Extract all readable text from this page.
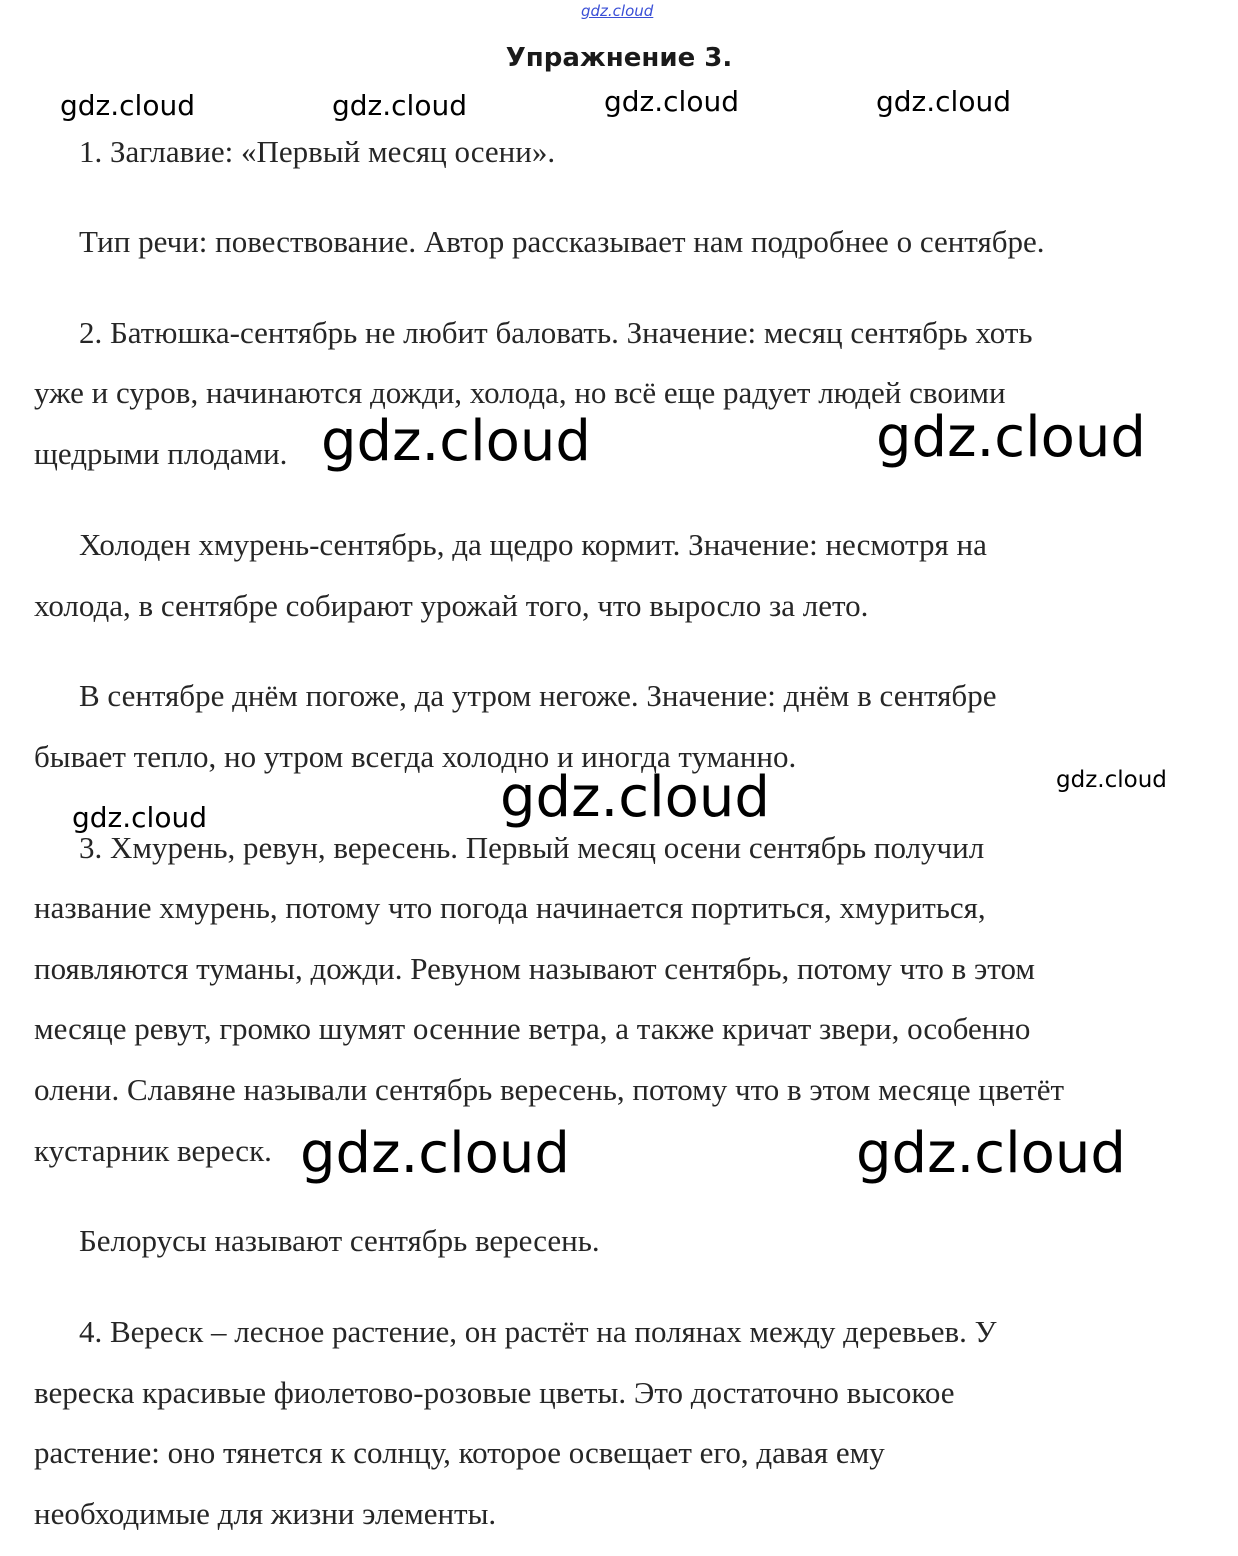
gdz.cloud
Упражнение 3.
gdz.cloud	gdz.cloud	gdz.cloud	gdz.cloud
1. Заглавие: «Первый месяц осени».
Тип речи: повествование. Автор рассказывает нам подробнее о сентябре.
2. Батюшка-сентябрь не любит баловать. Значение: месяц сентябрь хоть
уже и суров, начинаются дожди, холода, но всё еще радует людей своими
щедрыми плодами. gdz.cloud	gdz.cloud
Холоден хмурень-сентябрь, да щедро кормит. Значение: несмотря на
холода, в сентябре собирают урожай того, что выросло за лето.
В сентябре днём погоже, да утром негоже. Значение: днём в сентябре
бывает тепло, но утром всегда холодно и иногда туманно.
gdz.cloud
gdz.cloud
gdz.cloud
3. Хмурень, ревун, вересень. Первый месяц осени сентябрь получил
название хмурень, потому что погода начинается портиться, хмуриться,
появляются туманы, дожди. Ревуном называют сентябрь, потому что в этом
месяце ревут, громко шумят осенние ветра, а также кричат звери, особенно
олени. Славяне называли сентябрь вересень, потому что в этом месяце цветёт
кустарник вереск. gdz.cloud	gdz.cloud
Белорусы называют сентябрь вересень.
4. Вереск – лесное растение, он растёт на полянах между деревьев. У
вереска красивые фиолетово-розовые цветы. Это достаточно высокое
растение: оно тянется к солнцу, которое освещает его, давая ему
необходимые для жизни элементы.
